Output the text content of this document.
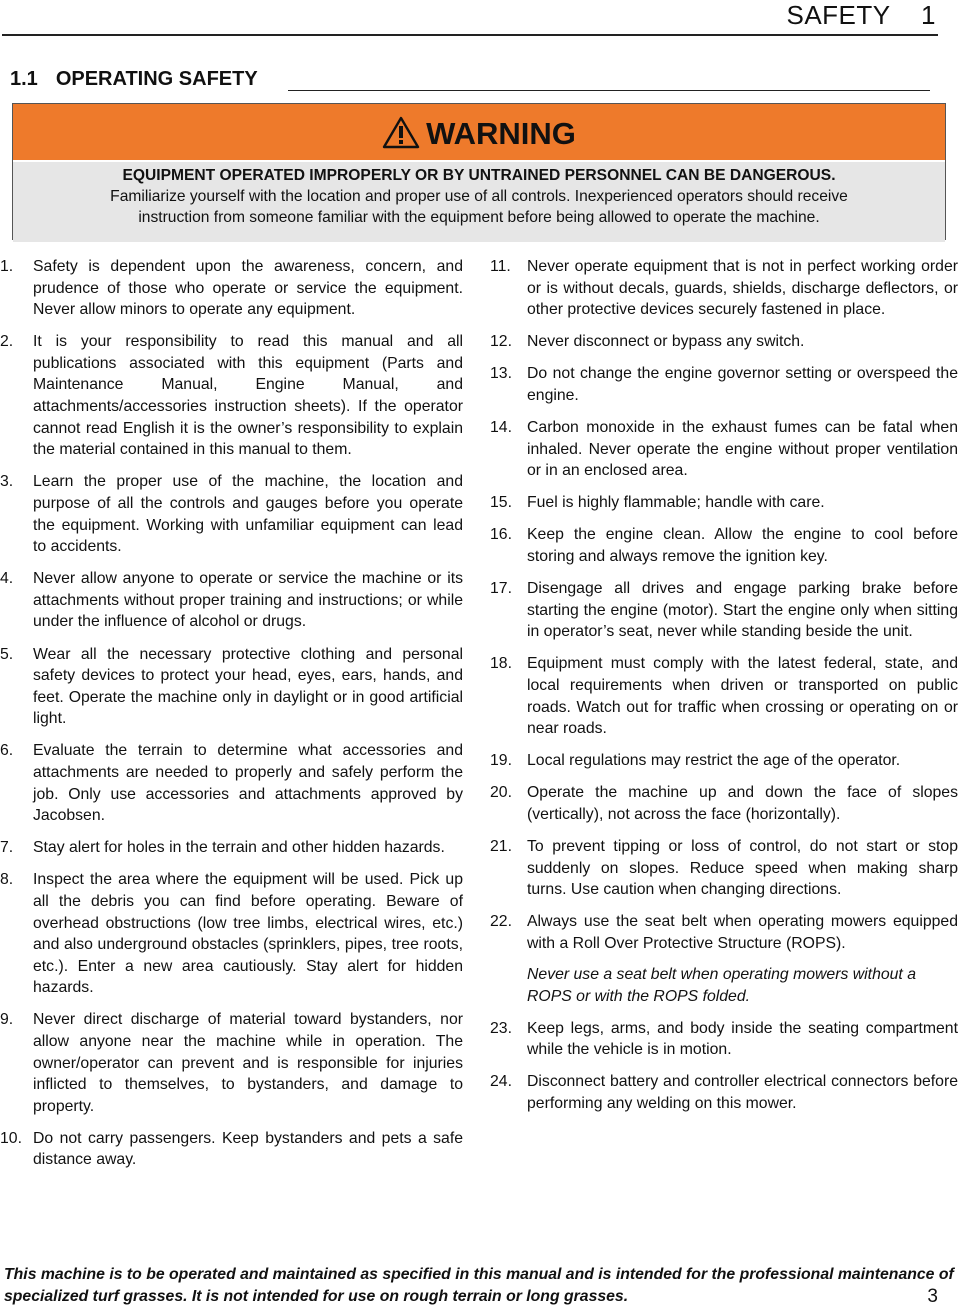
SAFETY    1
1.1 OPERATING SAFETY
WARNING
EQUIPMENT OPERATED IMPROPERLY OR BY UNTRAINED PERSONNEL CAN BE DANGEROUS.
Familiarize yourself with the location and proper use of all controls. Inexperienced operators should receive
instruction from someone familiar with the equipment before being allowed to operate the machine.
1. Safety is dependent upon the awareness, concern, and prudence of those who operate or service the equipment. Never allow minors to operate any equipment.
2. It is your responsibility to read this manual and all publications associated with this equipment (Parts and Maintenance Manual, Engine Manual, and attachments/accessories instruction sheets). If the operator cannot read English it is the owner’s responsibility to explain the material contained in this manual to them.
3. Learn the proper use of the machine, the location and purpose of all the controls and gauges before you operate the equipment. Working with unfamiliar equipment can lead to accidents.
4. Never allow anyone to operate or service the machine or its attachments without proper training and instructions; or while under the influence of alcohol or drugs.
5. Wear all the necessary protective clothing and personal safety devices to protect your head, eyes, ears, hands, and feet. Operate the machine only in daylight or in good artificial light.
6. Evaluate the terrain to determine what accessories and attachments are needed to properly and safely perform the job. Only use accessories and attachments approved by Jacobsen.
7. Stay alert for holes in the terrain and other hidden hazards.
8. Inspect the area where the equipment will be used. Pick up all the debris you can find before operating. Beware of overhead obstructions (low tree limbs, electrical wires, etc.) and also underground obstacles (sprinklers, pipes, tree roots, etc.). Enter a new area cautiously. Stay alert for hidden hazards.
9. Never direct discharge of material toward bystanders, nor allow anyone near the machine while in operation. The owner/operator can prevent and is responsible for injuries inflicted to themselves, to bystanders, and damage to property.
10. Do not carry passengers. Keep bystanders and pets a safe distance away.
11. Never operate equipment that is not in perfect working order or is without decals, guards, shields, discharge deflectors, or other protective devices securely fastened in place.
12. Never disconnect or bypass any switch.
13. Do not change the engine governor setting or overspeed the engine.
14. Carbon monoxide in the exhaust fumes can be fatal when inhaled. Never operate the engine without proper ventilation or in an enclosed area.
15. Fuel is highly flammable; handle with care.
16. Keep the engine clean. Allow the engine to cool before storing and always remove the ignition key.
17. Disengage all drives and engage parking brake before starting the engine (motor). Start the engine only when sitting in operator’s seat, never while standing beside the unit.
18. Equipment must comply with the latest federal, state, and local requirements when driven or transported on public roads. Watch out for traffic when crossing or operating on or near roads.
19. Local regulations may restrict the age of the operator.
20. Operate the machine up and down the face of slopes (vertically), not across the face (horizontally).
21. To prevent tipping or loss of control, do not start or stop suddenly on slopes. Reduce speed when making sharp turns. Use caution when changing directions.
22. Always use the seat belt when operating mowers equipped with a Roll Over Protective Structure (ROPS).
Never use a seat belt when operating mowers without a ROPS or with the ROPS folded.
23. Keep legs, arms, and body inside the seating compartment while the vehicle is in motion.
24. Disconnect battery and controller electrical connectors before performing any welding on this mower.
This machine is to be operated and maintained as specified in this manual and is intended for the professional maintenance of specialized turf grasses. It is not intended for use on rough terrain or long grasses.	3
